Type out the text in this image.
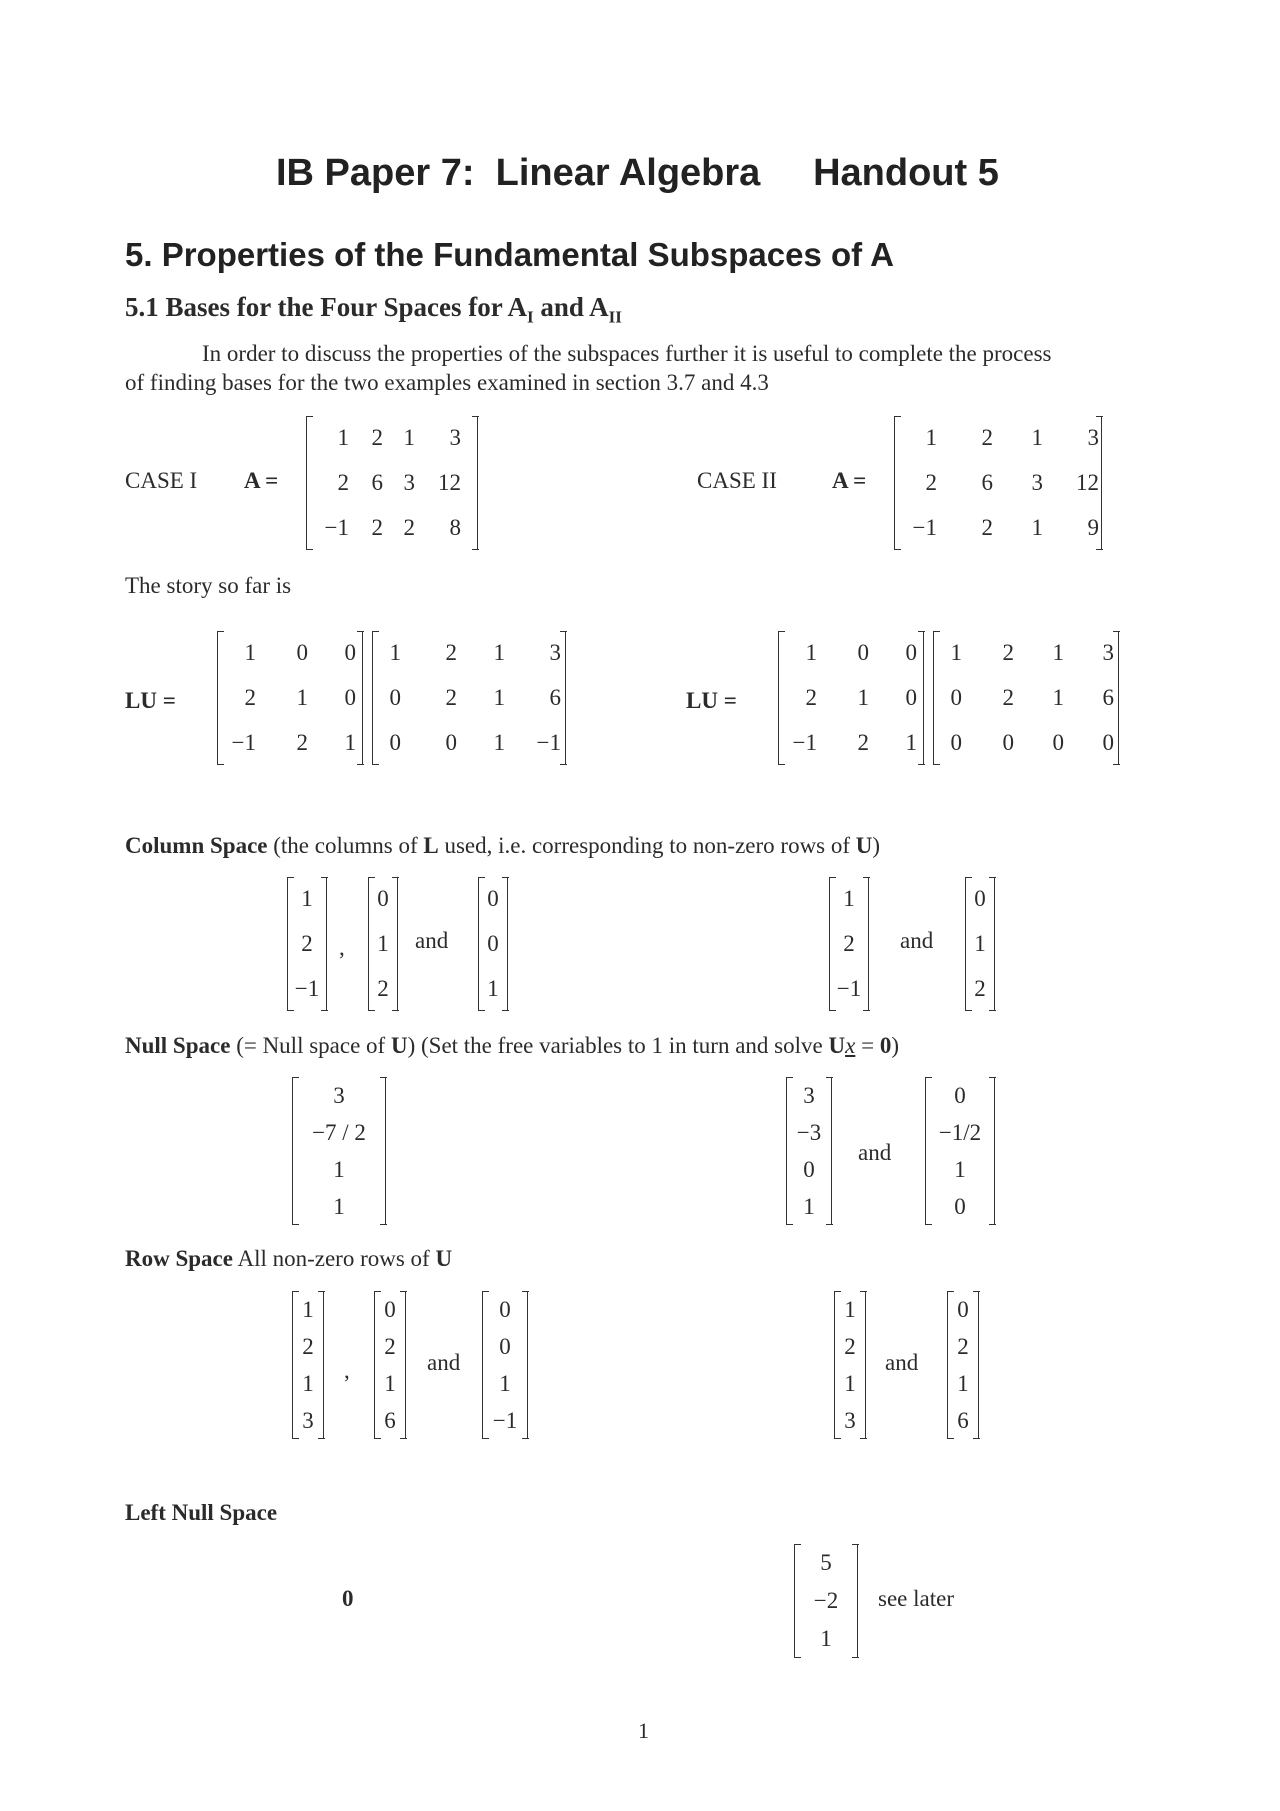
IB Paper 7:  Linear Algebra     Handout 5
5. Properties of the Fundamental Subspaces of A
5.1 Bases for the Four Spaces for $A_I$ and $A_{II}$
In order to discuss the properties of the subspaces further it is useful to complete the process
of finding bases for the two examples examined in section 3.7 and 4.3
CASE I A =	CASE II A =
1 2 1 3
2 6 3 12
−1 2 2 8
1 2 1 3
2 6 3 12
−1 2 1 9
The story so far is
LU =	LU =
1 0 0
2 1 0
−1 2 1
1 2 1 3
0 2 1 6
0 0 1 −1
1 0 0
2 1 0
−1 2 1
1 2 1 3
0 2 1 6
0 0 0 0
Column Space (the columns of L used, i.e. corresponding to non-zero rows of U)
1
2
−1
,
0
1
2
and
0
0
1
1
2
−1
and
0
1
2
Null Space (= Null space of U) (Set the free variables to 1 in turn and solve Ux = 0)
3
−7 / 2
1
1
3
−3
0
1
and
0
−1/2
1
0
Row Space All non-zero rows of U
1
2
1
3
,
0
2
1
6
and
0
0
1
−1
1
2
1
3
and
0
2
1
6
Left Null Space
0
5
−2
1
see later
1
